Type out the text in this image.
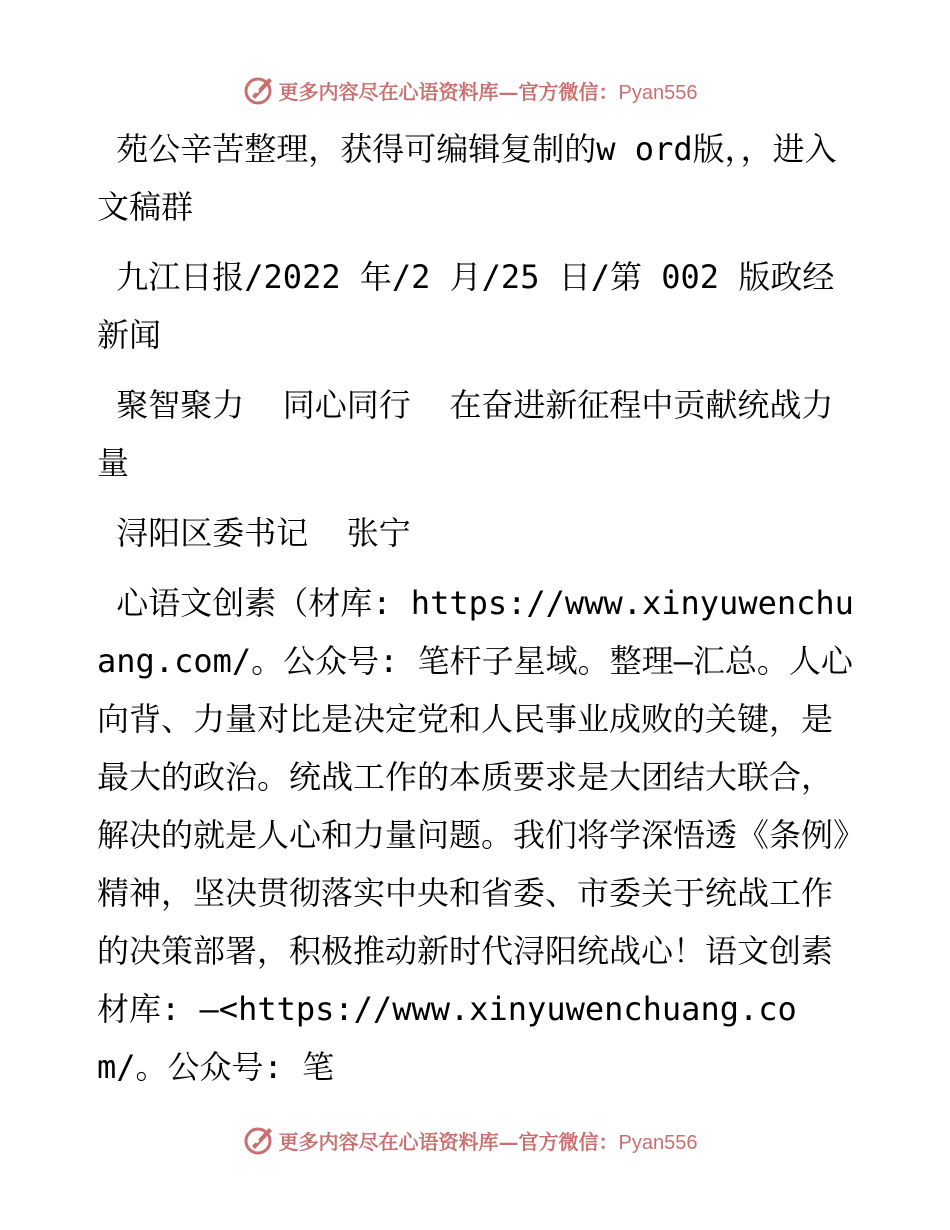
更多内容尽在心语资料库—官方微信：Pyan556

苑公辛苦整理，获得可编辑复制的w ord版，，进入文稿群

九江日报/2022 年/2 月/25 日/第 002 版政经新闻

聚智聚力  同心同行  在奋进新征程中贡献统战力量

浔阳区委书记  张宁

心语文创素（材库: https://www.xinyuwenchuang.com/。公众号: 笔杆子星域。整理—汇总。人心向背、力量对比是决定党和人民事业成败的关键，是最大的政治。统战工作的本质要求是大团结大联合，解决的就是人心和力量问题。我们将学深悟透《条例》精神，坚决贯彻落实中央和省委、市委关于统战工作的决策部署，积极推动新时代浔阳统战心！语文创素材库: —<https://www.xinyuwenchuang.com/。公众号: 笔

更多内容尽在心语资料库—官方微信：Pyan556
